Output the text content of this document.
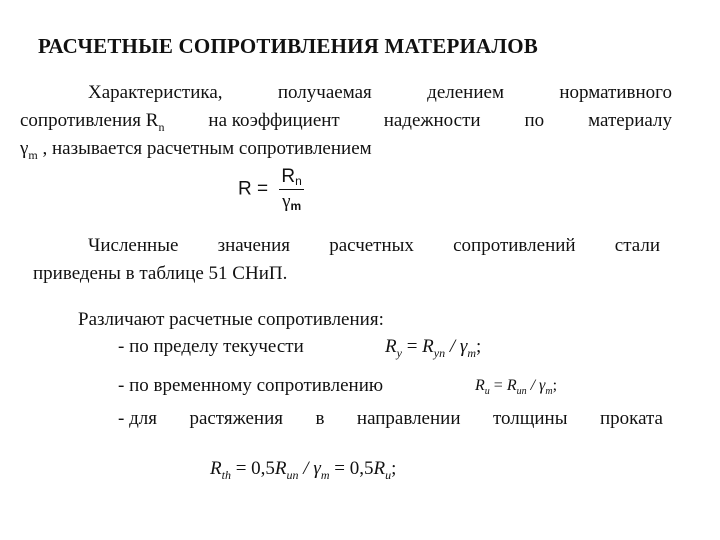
РАСЧЕТНЫЕ СОПРОТИВЛЕНИЯ МАТЕРИАЛОВ
Характеристика,	получаемая	делением	нормативного
сопротивления $R_n$ на коэффициент надежности по материалу
$\gamma_m$ , называется расчетным сопротивлением
$R = \frac{Rn}{\gamma m}$
Численные значения расчетных сопротивлений стали
приведены в таблице 51 СНиП.
Различают расчетные сопротивления:
- по пределу текучести	$R_y = R_{yn} / \gamma_m$;
- по временному сопротивлению	$R_u = R_{un} / \gamma_m$;
- для растяжения в направлении толщины проката
$R_{th} = 0,5R_{un} / \gamma_m = 0,5R_u$;
